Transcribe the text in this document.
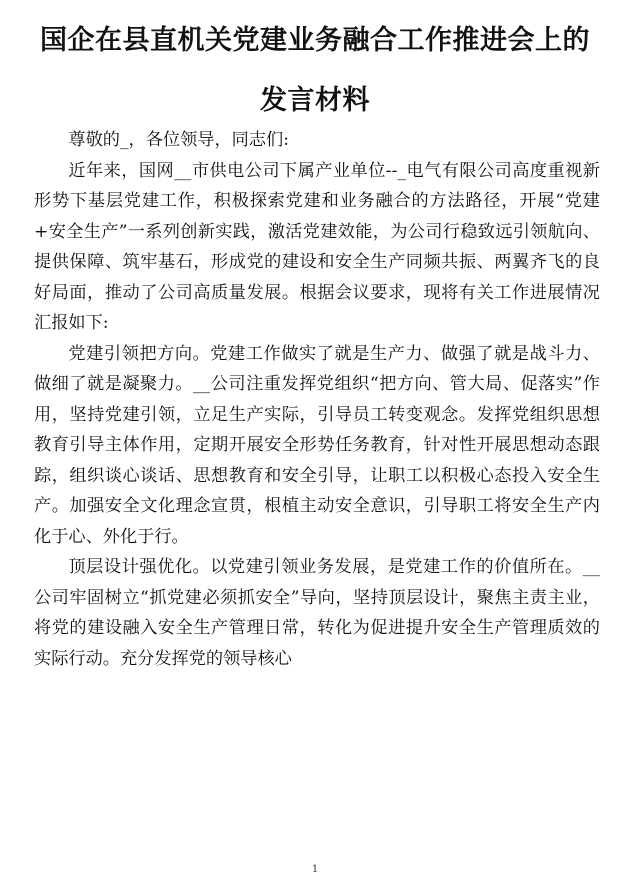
国企在县直机关党建业务融合工作推进会上的
发言材料

尊敬的_，各位领导，同志们:

近年来，国网__市供电公司下属产业单位--_电气有限公司高度重视新形势下基层党建工作，积极探索党建和业务融合的方法路径，开展“党建+安全生产”一系列创新实践，激活党建效能，为公司行稳致远引领航向、提供保障、筑牢基石，形成党的建设和安全生产同频共振、两翼齐飞的良好局面，推动了公司高质量发展。根据会议要求，现将有关工作进展情况汇报如下:

党建引领把方向。党建工作做实了就是生产力、做强了就是战斗力、做细了就是凝聚力。__公司注重发挥党组织“把方向、管大局、促落实”作用，坚持党建引领，立足生产实际，引导员工转变观念。发挥党组织思想教育引导主体作用，定期开展安全形势任务教育，针对性开展思想动态跟踪，组织谈心谈话、思想教育和安全引导，让职工以积极心态投入安全生产。加强安全文化理念宣贯，根植主动安全意识，引导职工将安全生产内化于心、外化于行。

顶层设计强优化。以党建引领业务发展，是党建工作的价值所在。__公司牢固树立“抓党建必须抓安全”导向，坚持顶层设计，聚焦主责主业，将党的建设融入安全生产管理日常，转化为促进提升安全生产管理质效的实际行动。充分发挥党的领导核心

1
